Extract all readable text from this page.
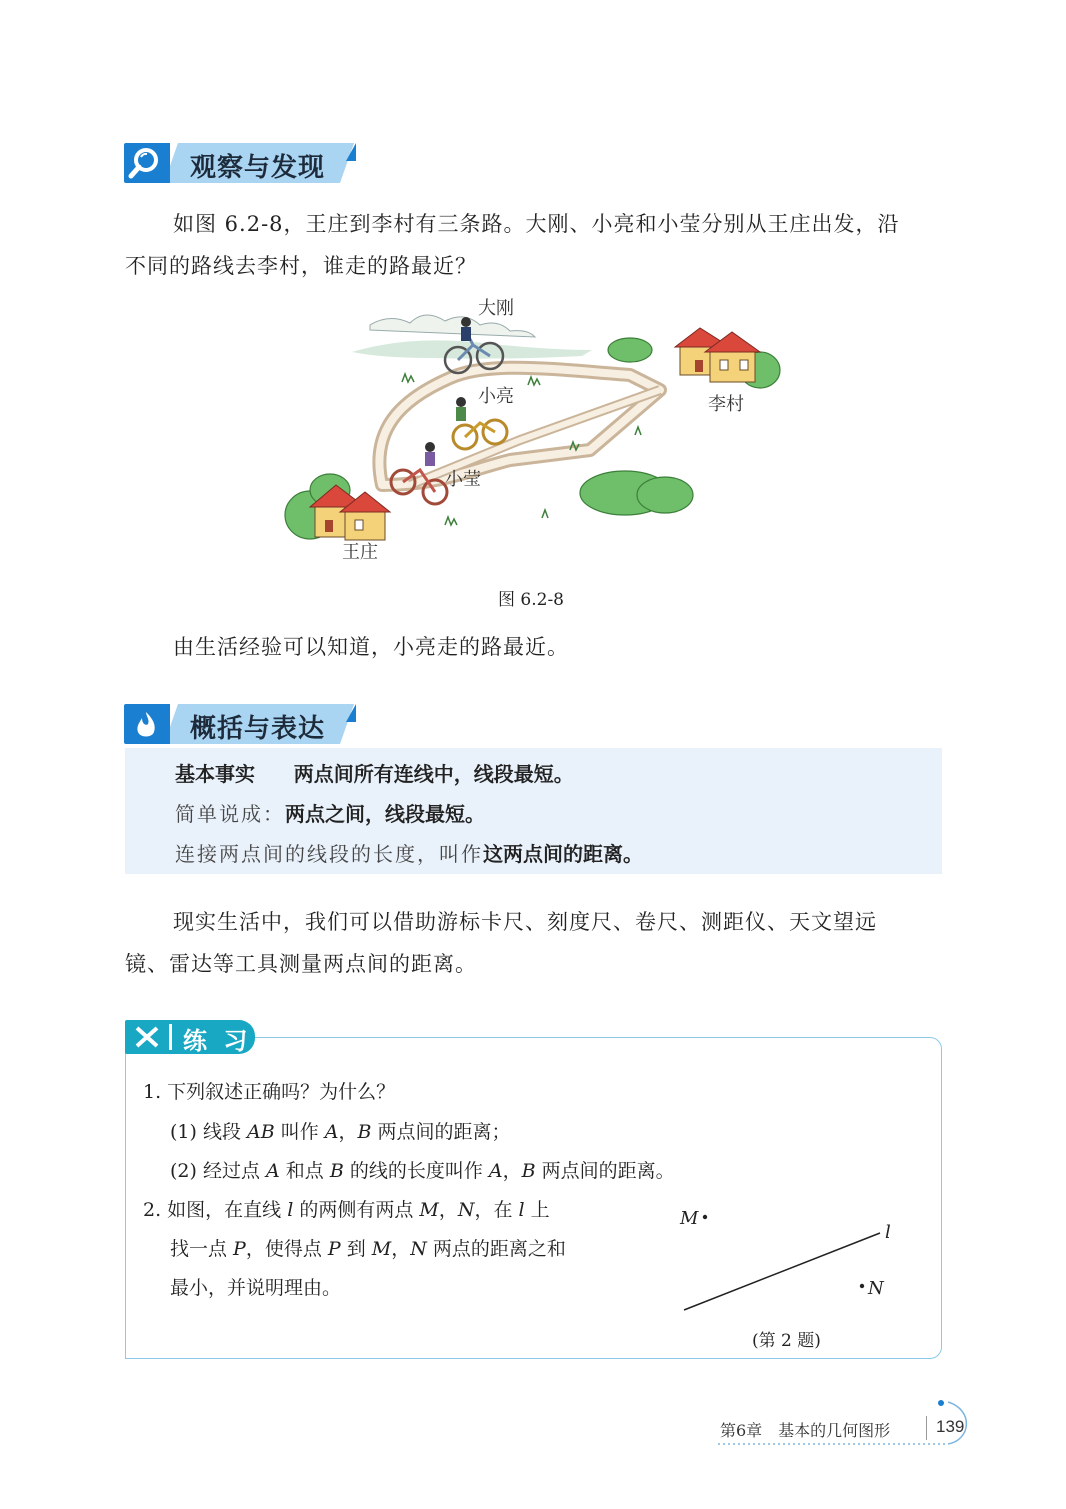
观察与发现
如图 6.2-8，王庄到李村有三条路。大刚、小亮和小莹分别从王庄出发，沿
不同的路线去李村，谁走的路最近？
大刚
小亮
小莹
李村
王庄
图 6.2-8
由生活经验可以知道，小亮走的路最近。
概括与表达
基本事实 两点间所有连线中，线段最短。
简单说成：两点之间，线段最短。
连接两点间的线段的长度，叫作这两点间的距离。
现实生活中，我们可以借助游标卡尺、刻度尺、卷尺、测距仪、天文望远
镜、雷达等工具测量两点间的距离。
练 习
1. 下列叙述正确吗？为什么？
(1) 线段 AB 叫作 A，B 两点间的距离；
(2) 经过点 A 和点 B 的线的长度叫作 A，B 两点间的距离。
2. 如图，在直线 l 的两侧有两点 M，N，在 l 上
找一点 P，使得点 P 到 M，N 两点的距离之和
最小，并说明理由。
M
N
l
(第 2 题)
第6章　基本的几何图形	139
